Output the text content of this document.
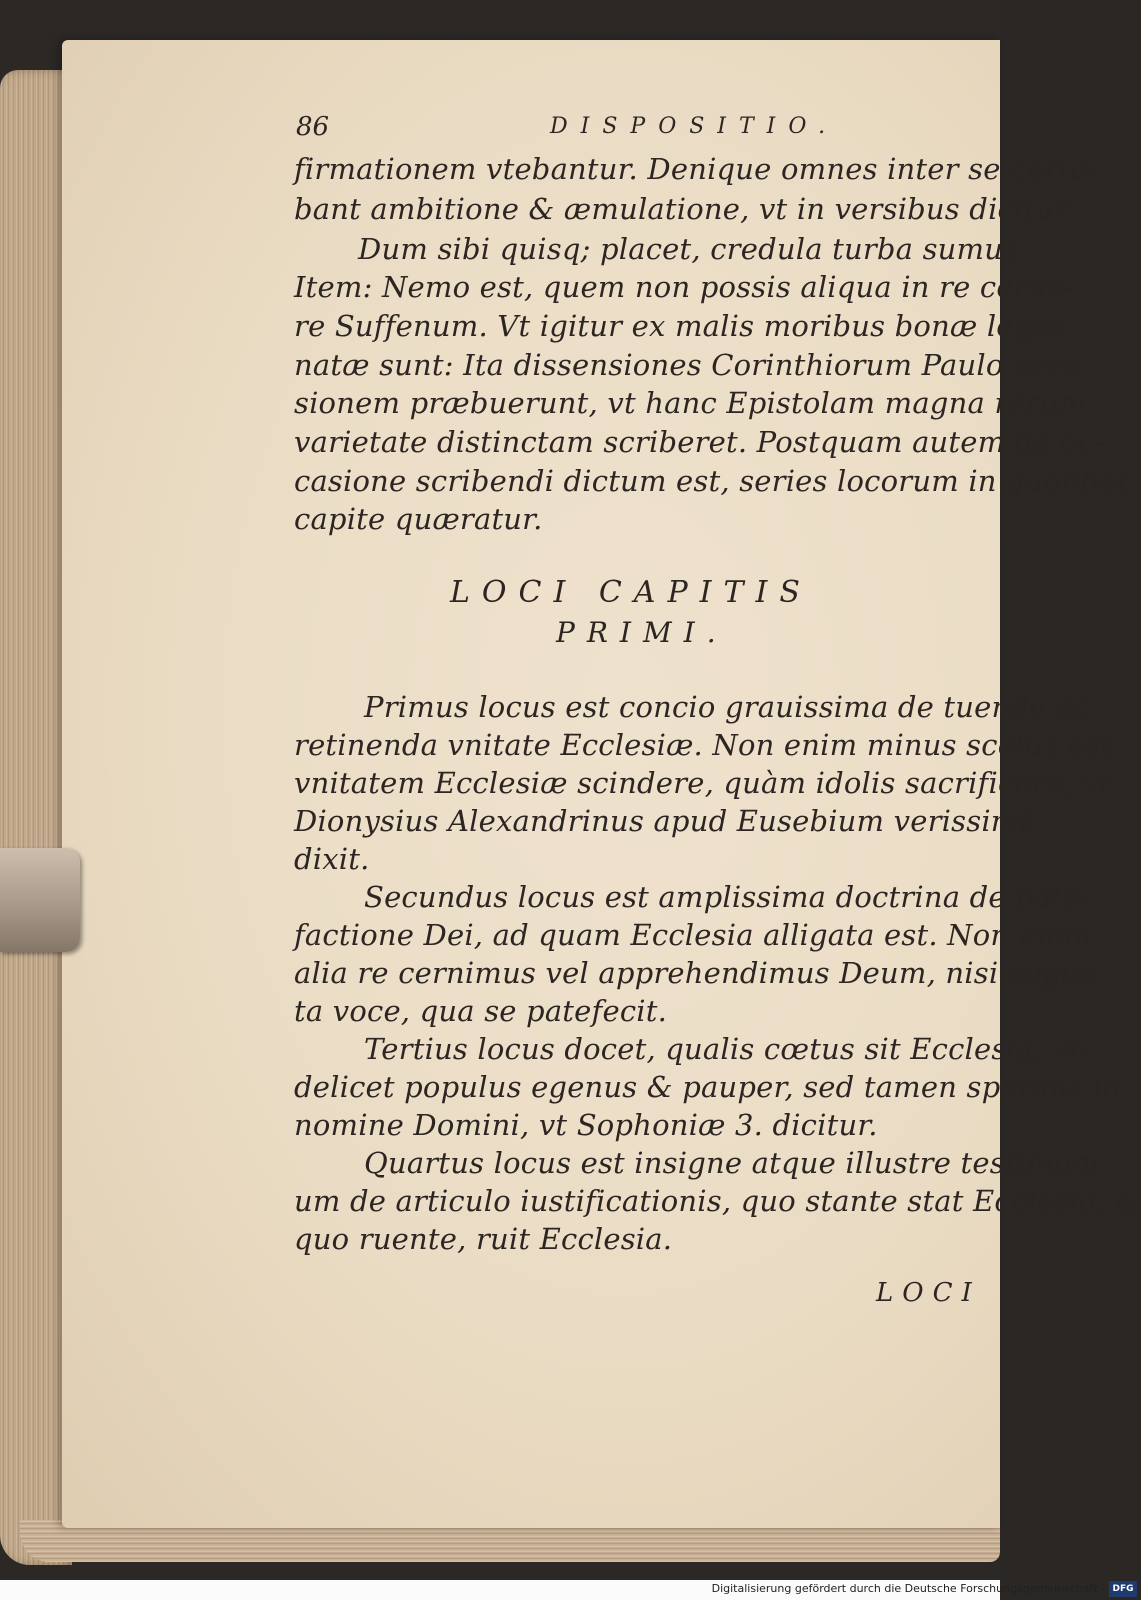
86	DISPOSITIO.
firmationem vtebantur. Denique omnes inter se certa-
bant ambitione & æmulatione, vt in versibus dicitur:
Dum sibi quisq; placet, credula turba sumus.
Item: Nemo est, quem non possis aliqua in re cerne-
re Suffenum. Vt igitur ex malis moribus bonæ leges
natæ sunt: Ita dissensiones Corinthiorum Paulo occa-
sionem præbuerunt, vt hanc Epistolam magna rerum
varietate distinctam scriberet. Postquam autem de oc-
casione scribendi dictum est, series locorum in quolibet
capite quæratur.
LOCI CAPITIS
PRIMI.
Primus locus est concio grauissima de tuenda ac
retinenda vnitate Ecclesiæ. Non enim minus scelus est
vnitatem Ecclesiæ scindere, quàm idolis sacrificare, vt
Dionysius Alexandrinus apud Eusebium verissimè
dixit.
Secundus locus est amplissima doctrina de pate-
factione Dei, ad quam Ecclesia alligata est. Non enim
alia re cernimus vel apprehendimus Deum, nisi cogita-
ta voce, qua se patefecit.
Tertius locus docet, qualis cœtus sit Ecclesia, vi-
delicet populus egenus & pauper, sed tamen sperans in
nomine Domini, vt Sophoniæ 3. dicitur.
Quartus locus est insigne atque illustre testimoni-
um de articulo iustificationis, quo stante stat Ecclesia, &
quo ruente, ruit Ecclesia.
LOCI
Digitalisierung gefördert durch die Deutsche Forschungsgemeinschaft - DFG
